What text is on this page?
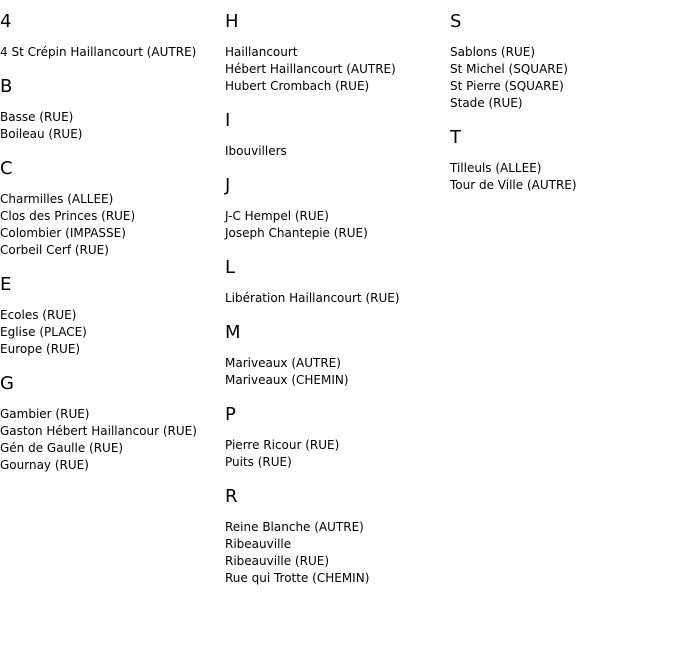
4
4 St Crépin Haillancourt (AUTRE)
B
Basse (RUE)
Boileau (RUE)
C
Charmilles (ALLEE)
Clos des Princes (RUE)
Colombier (IMPASSE)
Corbeil Cerf (RUE)
E
Ecoles (RUE)
Eglise (PLACE)
Europe (RUE)
G
Gambier (RUE)
Gaston Hébert Haillancour (RUE)
Gén de Gaulle (RUE)
Gournay (RUE)
H
Haillancourt
Hébert Haillancourt (AUTRE)
Hubert Crombach (RUE)
I
Ibouvillers
J
J-C Hempel (RUE)
Joseph Chantepie (RUE)
L
Libération Haillancourt (RUE)
M
Mariveaux (AUTRE)
Mariveaux (CHEMIN)
P
Pierre Ricour (RUE)
Puits (RUE)
R
Reine Blanche (AUTRE)
Ribeauville
Ribeauville (RUE)
Rue qui Trotte (CHEMIN)
S
Sablons (RUE)
St Michel (SQUARE)
St Pierre (SQUARE)
Stade (RUE)
T
Tilleuls (ALLEE)
Tour de Ville (AUTRE)
